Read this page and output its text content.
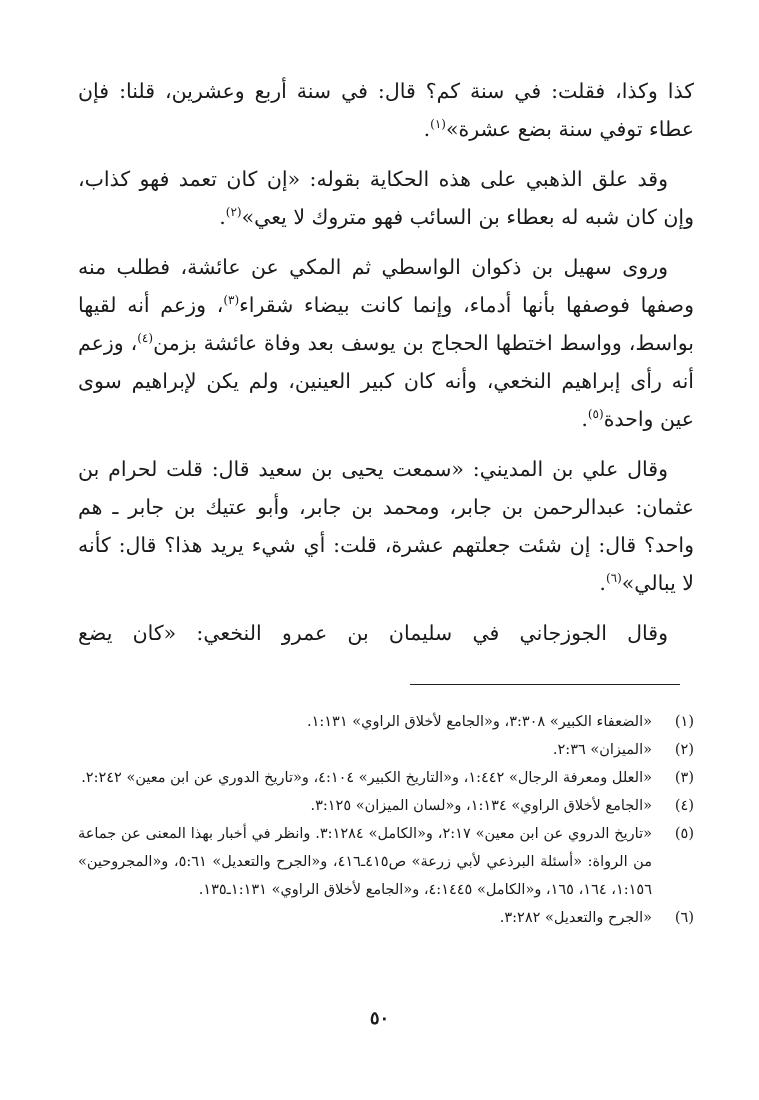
كذا وكذا، فقلت: في سنة كم؟ قال: في سنة أربع وعشرين، قلنا: فإن عطاء توفي سنة بضع عشرة»$^{(١)}$.

وقد علق الذهبي على هذه الحكاية بقوله: «إن كان تعمد فهو كذاب، وإن كان شبه له بعطاء بن السائب فهو متروك لا يعي»$^{(٢)}$.

وروى سهيل بن ذكوان الواسطي ثم المكي عن عائشة، فطلب منه وصفها فوصفها بأنها أدماء، وإنما كانت بيضاء شقراء$^{(٣)}$، وزعم أنه لقيها بواسط، وواسط اختطها الحجاج بن يوسف بعد وفاة عائشة بزمن$^{(٤)}$، وزعم أنه رأى إبراهيم النخعي، وأنه كان كبير العينين، ولم يكن لإبراهيم سوى عين واحدة$^{(٥)}$.

وقال علي بن المديني: «سمعت يحيى بن سعيد قال: قلت لحرام بن عثمان: عبدالرحمن بن جابر، ومحمد بن جابر، وأبو عتيك بن جابر ـ هم واحد؟ قال: إن شئت جعلتهم عشرة، قلت: أي شيء يريد هذا؟ قال: كأنه لا يبالي»$^{(٦)}$.

وقال الجوزجاني في سليمان بن عمرو النخعي: «كان يضع

(١)
«الضعفاء الكبير» ٣:٣٠٨، و«الجامع لأخلاق الراوي» ١:١٣١.
(٢)
«الميزان» ٢:٣٦.
(٣)
«العلل ومعرفة الرجال» ١:٤٤٢، و«التاريخ الكبير» ٤:١٠٤، و«تاريخ الدوري عن ابن معين» ٢:٢٤٢.
(٤)
«الجامع لأخلاق الراوي» ١:١٣٤، و«لسان الميزان» ٣:١٢٥.
(٥)
«تاريخ الدروي عن ابن معين» ٢:١٧، و«الكامل» ٣:١٢٨٤. وانظر في أخبار بهذا المعنى عن جماعة من الرواة: «أسئلة البرذعي لأبي زرعة» ص٤١٥ـ٤١٦، و«الجرح والتعديل» ٥:٦١، و«المجروحين» ١:١٥٦، ١٦٤، ١٦٥، و«الكامل» ٤:١٤٤٥، و«الجامع لأخلاق الراوي» ١:١٣١ـ١٣٥.
(٦)
«الجرح والتعديل» ٣:٢٨٢.
٥٠
